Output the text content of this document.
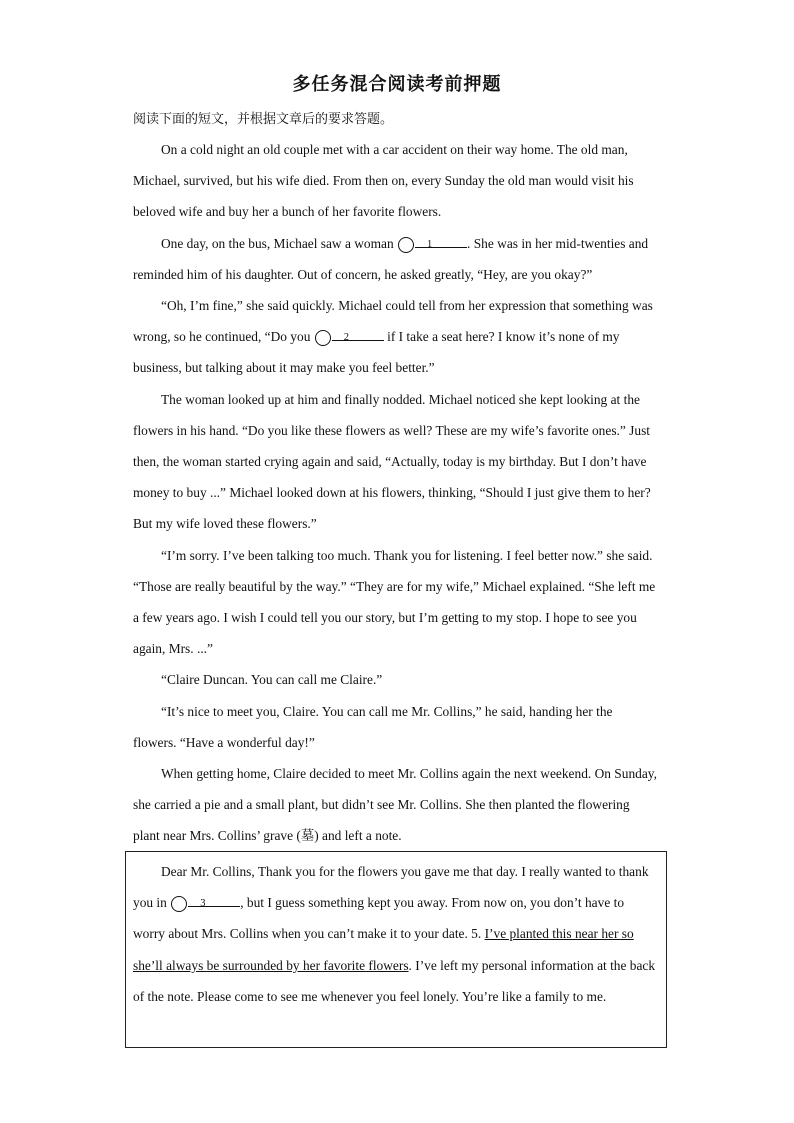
多任务混合阅读考前押题
阅读下面的短文，并根据文章后的要求答题。

On a cold night an old couple met with a car accident on their way home. The old man, Michael, survived, but his wife died. From then on, every Sunday the old man would visit his beloved wife and buy her a bunch of her favorite flowers.

One day, on the bus, Michael saw a woman	1	. She was in her mid-twenties and reminded him of his daughter. Out of concern, he asked greatly, “Hey, are you okay?”

“Oh, I’m fine,” she said quickly. Michael could tell from her expression that something was wrong, so he continued, “Do you	2	if I take a seat here? I know it’s none of my business, but talking about it may make you feel better.”

The woman looked up at him and finally nodded. Michael noticed she kept looking at the flowers in his hand. “Do you like these flowers as well? These are my wife’s favorite ones.” Just then, the woman started crying again and said, “Actually, today is my birthday. But I don’t have money to buy ...” Michael looked down at his flowers, thinking, “Should I just give them to her? But my wife loved these flowers.”

“I’m sorry. I’ve been talking too much. Thank you for listening. I feel better now.” she said. “Those are really beautiful by the way.” “They are for my wife,” Michael explained. “She left me a few years ago. I wish I could tell you our story, but I’m getting to my stop. I hope to see you again, Mrs. ...”

“Claire Duncan. You can call me Claire.”

“It’s nice to meet you, Claire. You can call me Mr. Collins,” he said, handing her the flowers. “Have a wonderful day!”

When getting home, Claire decided to meet Mr. Collins again the next weekend. On Sunday, she carried a pie and a small plant, but didn’t see Mr. Collins. She then planted the flowering plant near Mrs. Collins’ grave (墓) and left a note.

Dear Mr. Collins, Thank you for the flowers you gave me that day. I really wanted to thank you in	3	, but I guess something kept you away. From now on, you don’t have to worry about Mrs. Collins when you can’t make it to your date. 5. I’ve planted this near her so she’ll always be surrounded by her favorite flowers. I’ve left my personal information at the back of the note. Please come to see me whenever you feel lonely. You’re like a family to me.
